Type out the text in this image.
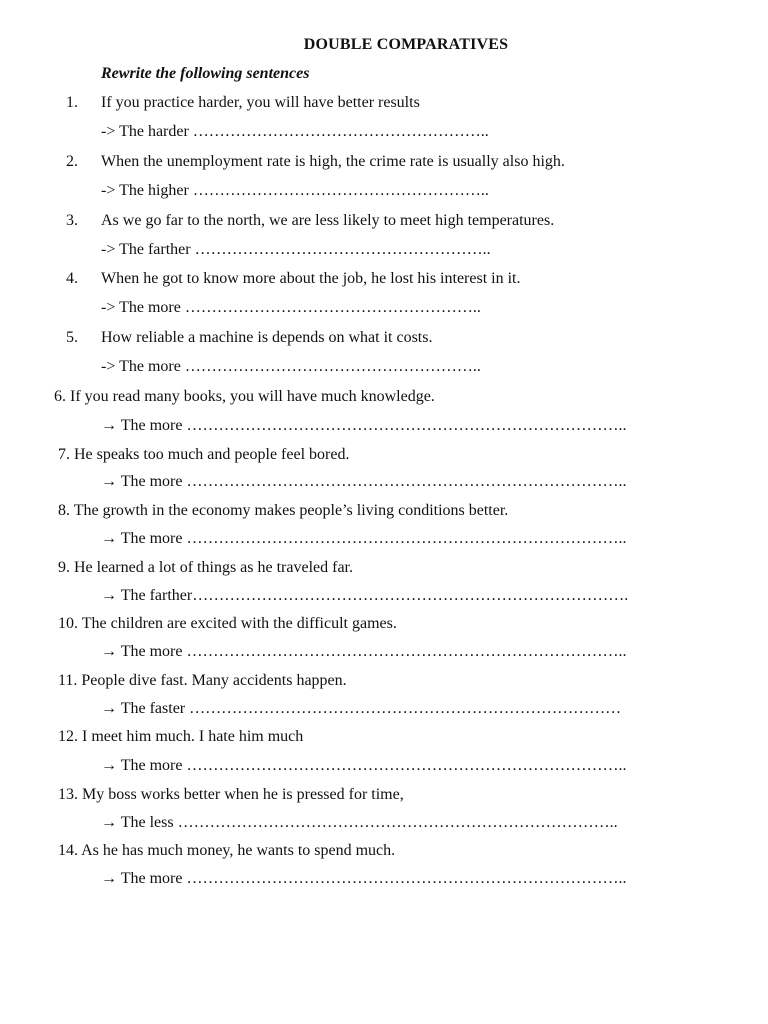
DOUBLE COMPARATIVES
Rewrite the following sentences
1. If you practice harder, you will have better results
-> The harder ………………………………………………..
2. When the unemployment rate is high, the crime rate is usually also high.
-> The higher ………………………………………………..
3. As we go far to the north, we are less likely to meet high temperatures.
-> The farther ………………………………………………..
4. When he got to know more about the job, he lost his interest in it.
-> The more ………………………………………………..
5. How reliable a machine is depends on what it costs.
-> The more ………………………………………………..
6. If you read many books, you will have much knowledge.
→ The more ………………………………………………………………………..
7. He speaks too much and people feel bored.
→ The more ………………………………………………………………………..
8. The growth in the economy makes people’s living conditions better.
→ The more ………………………………………………………………………..
9. He learned a lot of things as he traveled far.
→ The farther……………………………………………………………………….
10. The children are excited with the difficult games.
→ The more ………………………………………………………………………..
11. People dive fast. Many accidents happen.
→ The faster ………………………………………………………………………
12. I meet him much. I hate him much
→ The more ………………………………………………………………………..
13. My boss works better when he is pressed for time,
→ The less ………………………………………………………………………..
14. As he has much money, he wants to spend much.
→ The more ………………………………………………………………………..
